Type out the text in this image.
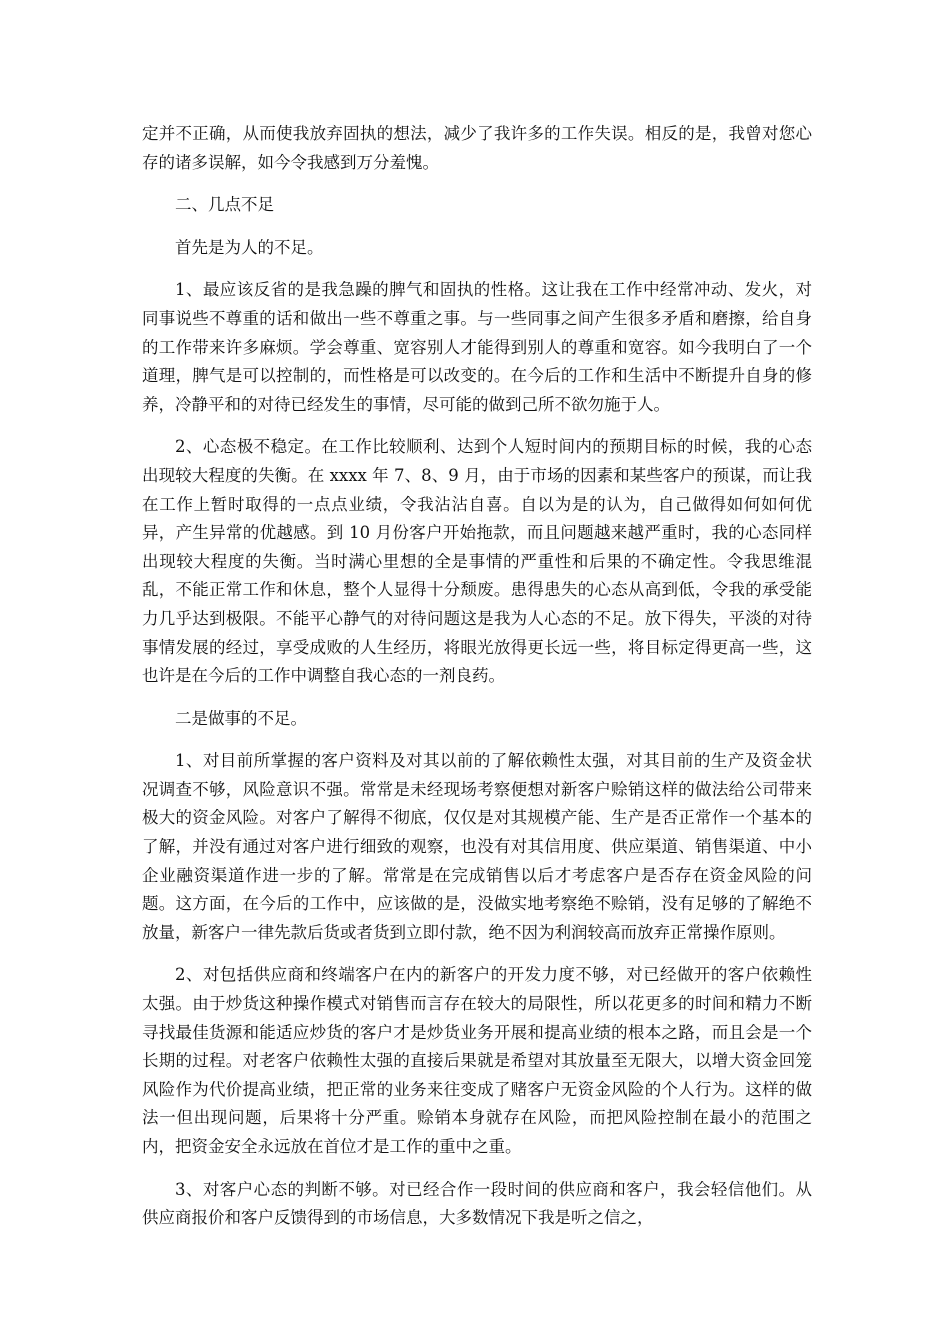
定并不正确，从而使我放弃固执的想法，减少了我许多的工作失误。相反的是，我曾对您心存的诸多误解，如今令我感到万分羞愧。

二、几点不足

首先是为人的不足。

1、最应该反省的是我急躁的脾气和固执的性格。这让我在工作中经常冲动、发火，对同事说些不尊重的话和做出一些不尊重之事。与一些同事之间产生很多矛盾和磨擦，给自身的工作带来许多麻烦。学会尊重、宽容别人才能得到别人的尊重和宽容。如今我明白了一个道理，脾气是可以控制的，而性格是可以改变的。在今后的工作和生活中不断提升自身的修养，冷静平和的对待已经发生的事情，尽可能的做到己所不欲勿施于人。

2、心态极不稳定。在工作比较顺利、达到个人短时间内的预期目标的时候，我的心态出现较大程度的失衡。在 xxxx 年 7、8、9 月，由于市场的因素和某些客户的预谋，而让我在工作上暂时取得的一点点业绩，令我沾沾自喜。自以为是的认为，自己做得如何如何优异，产生异常的优越感。到 10 月份客户开始拖款，而且问题越来越严重时，我的心态同样出现较大程度的失衡。当时满心里想的全是事情的严重性和后果的不确定性。令我思维混乱，不能正常工作和休息，整个人显得十分颓废。患得患失的心态从高到低，令我的承受能力几乎达到极限。不能平心静气的对待问题这是我为人心态的不足。放下得失，平淡的对待事情发展的经过，享受成败的人生经历，将眼光放得更长远一些，将目标定得更高一些，这也许是在今后的工作中调整自我心态的一剂良药。

二是做事的不足。

1、对目前所掌握的客户资料及对其以前的了解依赖性太强，对其目前的生产及资金状况调查不够，风险意识不强。常常是未经现场考察便想对新客户赊销这样的做法给公司带来极大的资金风险。对客户了解得不彻底，仅仅是对其规模产能、生产是否正常作一个基本的了解，并没有通过对客户进行细致的观察，也没有对其信用度、供应渠道、销售渠道、中小企业融资渠道作进一步的了解。常常是在完成销售以后才考虑客户是否存在资金风险的问题。这方面，在今后的工作中，应该做的是，没做实地考察绝不赊销，没有足够的了解绝不放量，新客户一律先款后货或者货到立即付款，绝不因为利润较高而放弃正常操作原则。

2、对包括供应商和终端客户在内的新客户的开发力度不够，对已经做开的客户依赖性太强。由于炒货这种操作模式对销售而言存在较大的局限性，所以花更多的时间和精力不断寻找最佳货源和能适应炒货的客户才是炒货业务开展和提高业绩的根本之路，而且会是一个长期的过程。对老客户依赖性太强的直接后果就是希望对其放量至无限大，以增大资金回笼风险作为代价提高业绩，把正常的业务来往变成了赌客户无资金风险的个人行为。这样的做法一但出现问题，后果将十分严重。赊销本身就存在风险，而把风险控制在最小的范围之内，把资金安全永远放在首位才是工作的重中之重。

3、对客户心态的判断不够。对已经合作一段时间的供应商和客户，我会轻信他们。从供应商报价和客户反馈得到的市场信息，大多数情况下我是听之信之，
